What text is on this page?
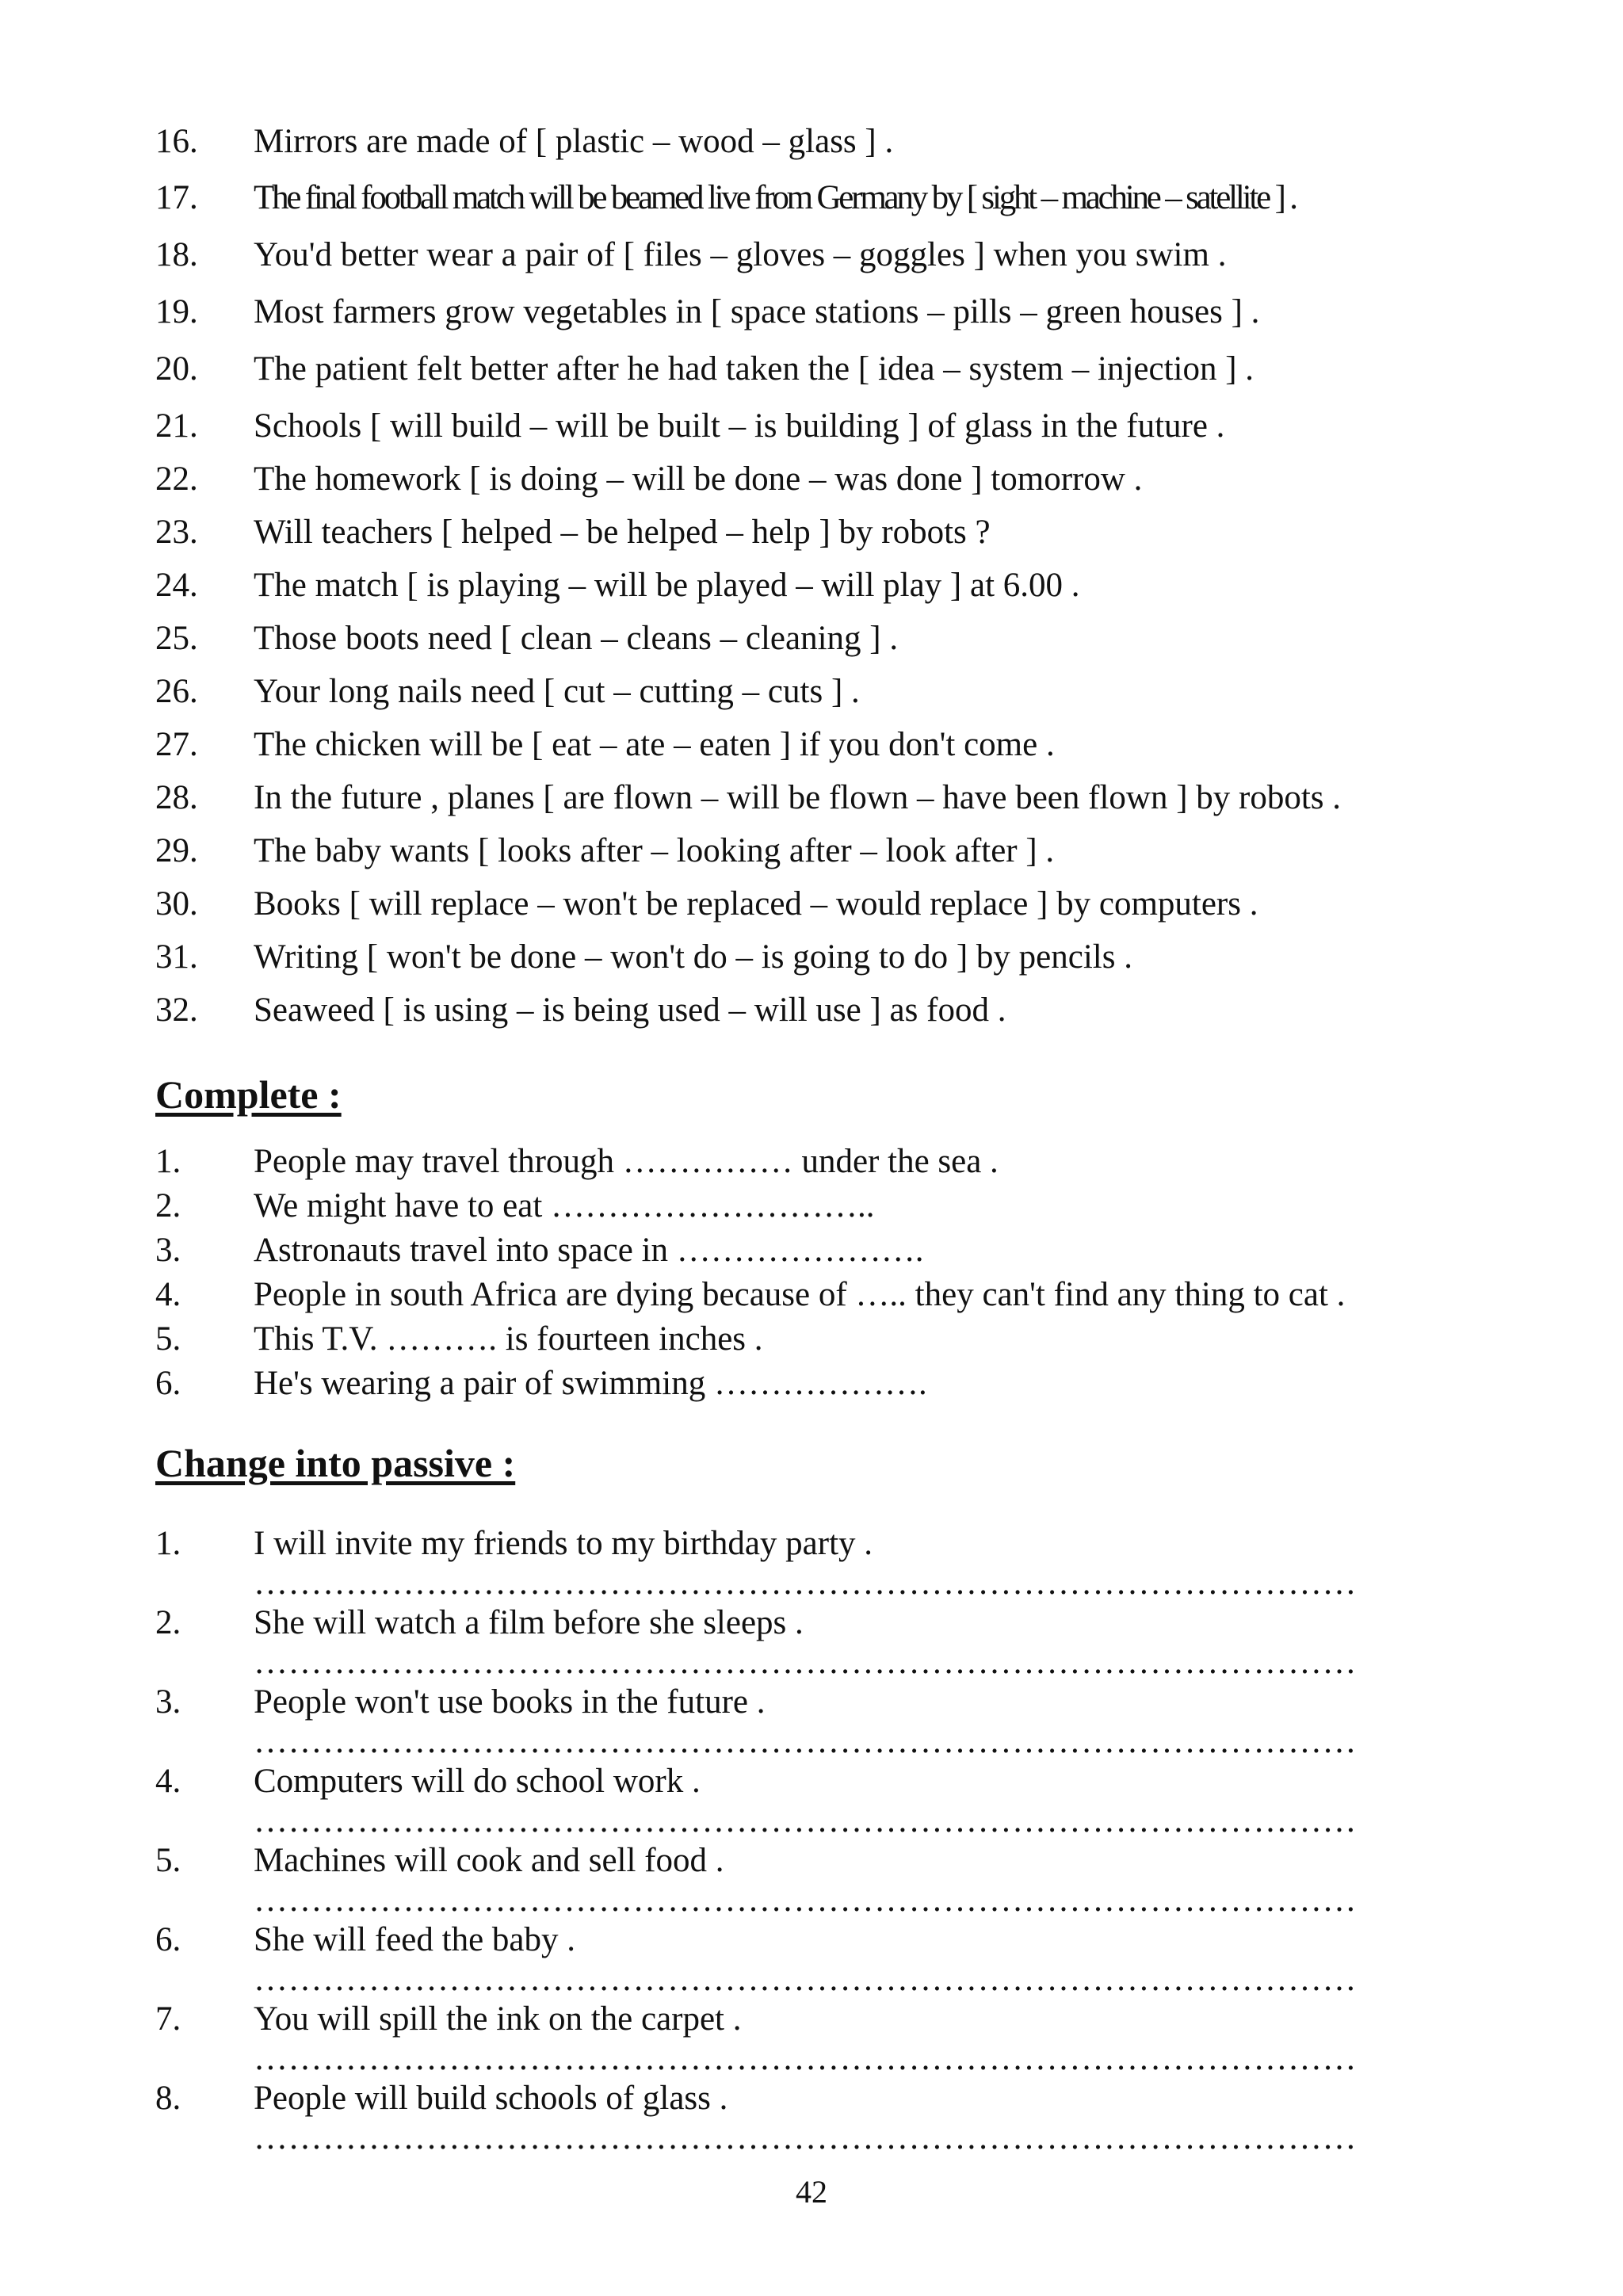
16. Mirrors are made of [ plastic – wood – glass ] .
17. The final football match will be beamed live from Germany by [ sight – machine – satellite ] .
18. You'd better wear a pair of [ files – gloves – goggles ] when you swim .
19. Most farmers grow vegetables in [ space stations – pills – green houses ] .
20. The patient felt better after he had taken the [ idea – system – injection ] .
21. Schools [ will build – will be built – is building ] of glass in the future .
22. The homework [ is doing – will be done – was done ] tomorrow .
23. Will teachers [ helped – be helped – help ] by robots ?
24. The match [ is playing – will be played – will play ] at 6.00 .
25. Those boots need [ clean – cleans – cleaning ] .
26. Your long nails need [ cut – cutting – cuts ] .
27. The chicken will be [ eat – ate – eaten ] if you don't come .
28. In the future , planes [ are flown – will be flown – have been flown ] by robots .
29. The baby wants [ looks after – looking after – look after ] .
30. Books [ will replace – won't be replaced – would replace ] by computers .
31. Writing [ won't be done – won't do – is going to do ] by pencils .
32. Seaweed [ is using – is being used – will use ] as food .
Complete :
1. People may travel through …………… under the sea .
2. We might have to eat ………………………..
3. Astronauts travel into space in ………………….
4. People in south Africa are dying because of ….. they can't find any thing to cat .
5. This T.V. ………. is fourteen inches .
6. He's wearing a pair of swimming ……………….
Change into passive :
1. I will invite my friends to my birthday party .
……………………………………………………………………………………
2. She will watch a film before she sleeps .
……………………………………………………………………………………
3. People won't use books in the future .
……………………………………………………………………………………
4. Computers will do school work .
……………………………………………………………………………………
5. Machines will cook and sell food .
……………………………………………………………………………………
6. She will feed the baby .
……………………………………………………………………………………
7. You will spill the ink on the carpet .
……………………………………………………………………………………
8. People will build schools of glass .
……………………………………………………………………………………
42
